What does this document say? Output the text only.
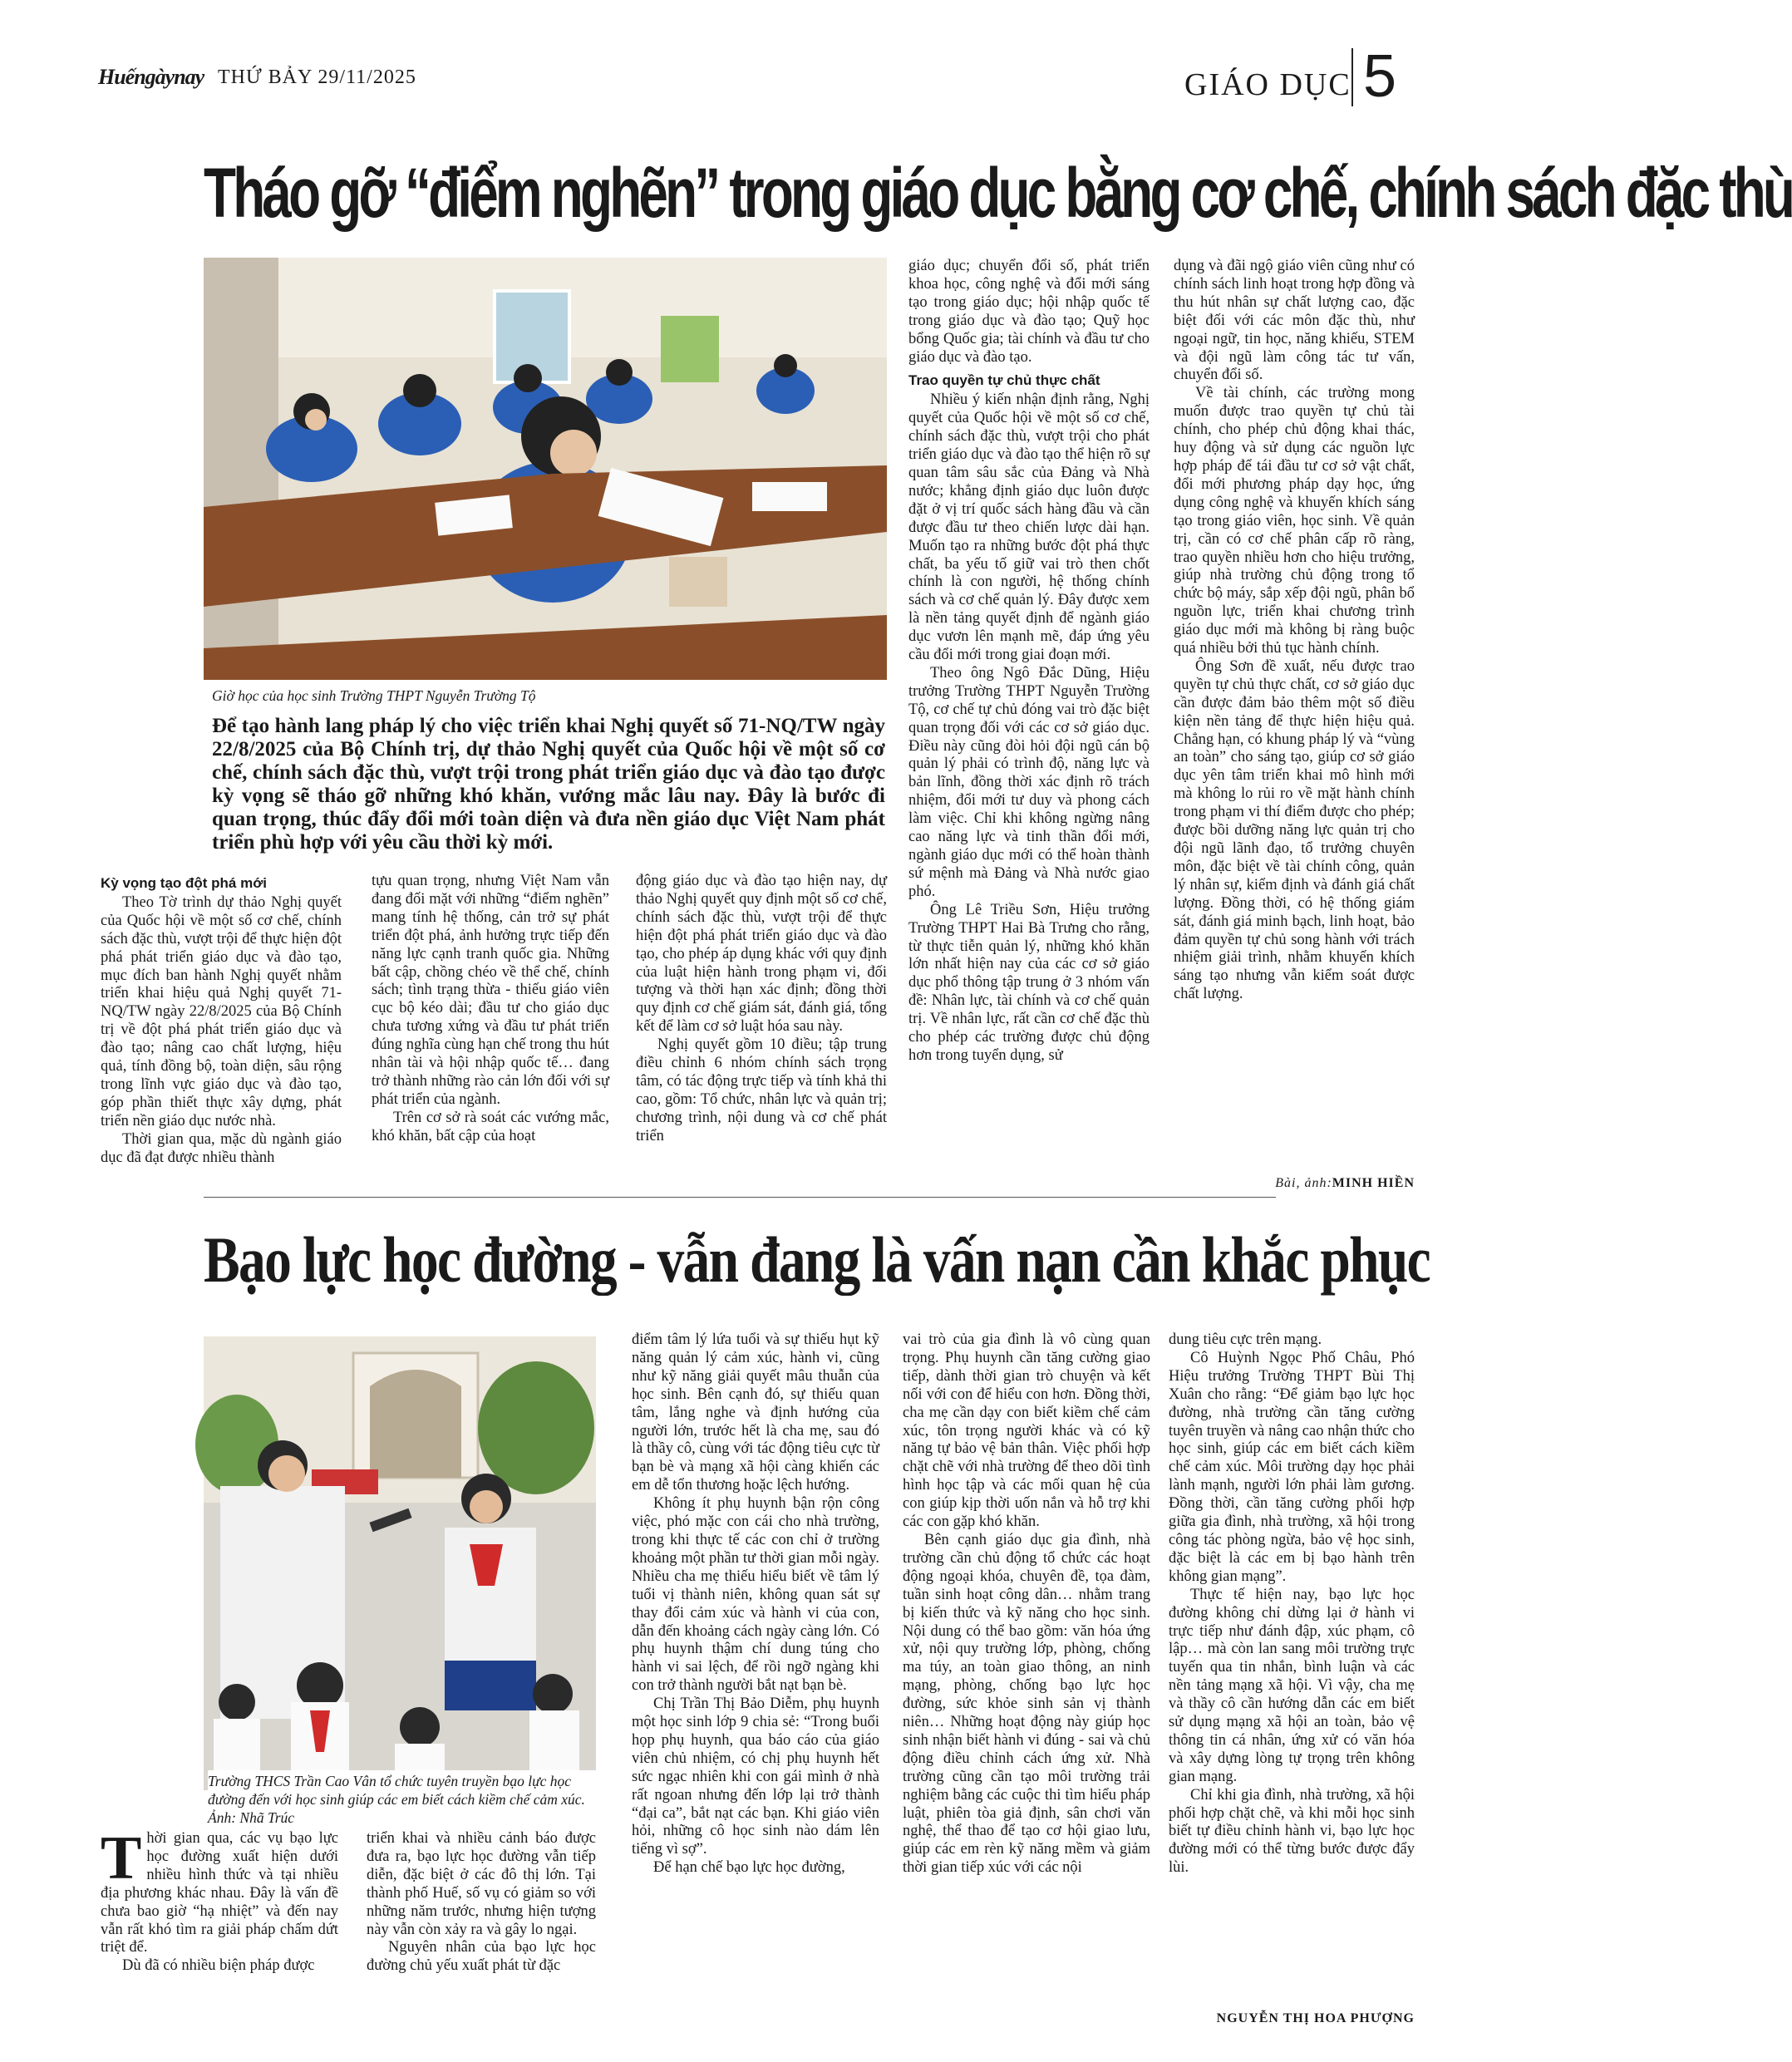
Huếngàynay THỨ BẢY 29/11/2025	GIÁO DỤC 5
Tháo gỡ “điểm nghẽn” trong giáo dục bằng cơ chế, chính sách đặc thù
Giờ học của học sinh Trường THPT Nguyễn Trường Tộ
Để tạo hành lang pháp lý cho việc triển khai Nghị quyết số 71-NQ/TW ngày 22/8/2025 của Bộ Chính trị, dự thảo Nghị quyết của Quốc hội về một số cơ chế, chính sách đặc thù, vượt trội trong phát triển giáo dục và đào tạo được kỳ vọng sẽ tháo gỡ những khó khăn, vướng mắc lâu nay. Đây là bước đi quan trọng, thúc đẩy đổi mới toàn diện và đưa nền giáo dục Việt Nam phát triển phù hợp với yêu cầu thời kỳ mới.
Kỳ vọng tạo đột phá mới

Theo Tờ trình dự thảo Nghị quyết của Quốc hội về một số cơ chế, chính sách đặc thù, vượt trội để thực hiện đột phá phát triển giáo dục và đào tạo, mục đích ban hành Nghị quyết nhằm triển khai hiệu quả Nghị quyết 71-NQ/TW ngày 22/8/2025 của Bộ Chính trị về đột phá phát triển giáo dục và đào tạo; nâng cao chất lượng, hiệu quả, tính đồng bộ, toàn diện, sâu rộng trong lĩnh vực giáo dục và đào tạo, góp phần thiết thực xây dựng, phát triển nền giáo dục nước nhà.

Thời gian qua, mặc dù ngành giáo dục đã đạt được nhiều thành

tựu quan trọng, nhưng Việt Nam vẫn đang đối mặt với những “điểm nghẽn” mang tính hệ thống, cản trở sự phát triển đột phá, ảnh hưởng trực tiếp đến năng lực cạnh tranh quốc gia. Những bất cập, chồng chéo về thể chế, chính sách; tình trạng thừa - thiếu giáo viên cục bộ kéo dài; đầu tư cho giáo dục chưa tương xứng và đầu tư phát triển đúng nghĩa cùng hạn chế trong thu hút nhân tài và hội nhập quốc tế… đang trở thành những rào cản lớn đối với sự phát triển của ngành.

Trên cơ sở rà soát các vướng mắc, khó khăn, bất cập của hoạt

động giáo dục và đào tạo hiện nay, dự thảo Nghị quyết quy định một số cơ chế, chính sách đặc thù, vượt trội để thực hiện đột phá phát triển giáo dục và đào tạo, cho phép áp dụng khác với quy định của luật hiện hành trong phạm vi, đối tượng và thời hạn xác định; đồng thời quy định cơ chế giám sát, đánh giá, tổng kết để làm cơ sở luật hóa sau này.

Nghị quyết gồm 10 điều; tập trung điều chỉnh 6 nhóm chính sách trọng tâm, có tác động trực tiếp và tính khả thi cao, gồm: Tổ chức, nhân lực và quản trị; chương trình, nội dung và cơ chế phát triển

giáo dục; chuyển đổi số, phát triển khoa học, công nghệ và đổi mới sáng tạo trong giáo dục; hội nhập quốc tế trong giáo dục và đào tạo; Quỹ học bổng Quốc gia; tài chính và đầu tư cho giáo dục và đào tạo.

Trao quyền tự chủ thực chất

Nhiều ý kiến nhận định rằng, Nghị quyết của Quốc hội về một số cơ chế, chính sách đặc thù, vượt trội cho phát triển giáo dục và đào tạo thể hiện rõ sự quan tâm sâu sắc của Đảng và Nhà nước; khẳng định giáo dục luôn được đặt ở vị trí quốc sách hàng đầu và cần được đầu tư theo chiến lược dài hạn. Muốn tạo ra những bước đột phá thực chất, ba yếu tố giữ vai trò then chốt chính là con người, hệ thống chính sách và cơ chế quản lý. Đây được xem là nền tảng quyết định để ngành giáo dục vươn lên mạnh mẽ, đáp ứng yêu cầu đổi mới trong giai đoạn mới.

Theo ông Ngô Đắc Dũng, Hiệu trưởng Trường THPT Nguyễn Trường Tộ, cơ chế tự chủ đóng vai trò đặc biệt quan trọng đối với các cơ sở giáo dục. Điều này cũng đòi hỏi đội ngũ cán bộ quản lý phải có trình độ, năng lực và bản lĩnh, đồng thời xác định rõ trách nhiệm, đổi mới tư duy và phong cách làm việc. Chỉ khi không ngừng nâng cao năng lực và tinh thần đổi mới, ngành giáo dục mới có thể hoàn thành sứ mệnh mà Đảng và Nhà nước giao phó.

Ông Lê Triều Sơn, Hiệu trưởng Trường THPT Hai Bà Trưng cho rằng, từ thực tiễn quản lý, những khó khăn lớn nhất hiện nay của các cơ sở giáo dục phổ thông tập trung ở 3 nhóm vấn đề: Nhân lực, tài chính và cơ chế quản trị. Về nhân lực, rất cần cơ chế đặc thù cho phép các trường được chủ động hơn trong tuyển dụng, sử

dụng và đãi ngộ giáo viên cũng như có chính sách linh hoạt trong hợp đồng và thu hút nhân sự chất lượng cao, đặc biệt đối với các môn đặc thù, như ngoại ngữ, tin học, năng khiếu, STEM và đội ngũ làm công tác tư vấn, chuyển đổi số.

Về tài chính, các trường mong muốn được trao quyền tự chủ tài chính, cho phép chủ động khai thác, huy động và sử dụng các nguồn lực hợp pháp để tái đầu tư cơ sở vật chất, đổi mới phương pháp dạy học, ứng dụng công nghệ và khuyến khích sáng tạo trong giáo viên, học sinh. Về quản trị, cần có cơ chế phân cấp rõ ràng, trao quyền nhiều hơn cho hiệu trưởng, giúp nhà trường chủ động trong tổ chức bộ máy, sắp xếp đội ngũ, phân bổ nguồn lực, triển khai chương trình giáo dục mới mà không bị ràng buộc quá nhiều bởi thủ tục hành chính.

Ông Sơn đề xuất, nếu được trao quyền tự chủ thực chất, cơ sở giáo dục cần được đảm bảo thêm một số điều kiện nền tảng để thực hiện hiệu quả. Chẳng hạn, có khung pháp lý và “vùng an toàn” cho sáng tạo, giúp cơ sở giáo dục yên tâm triển khai mô hình mới mà không lo rủi ro về mặt hành chính trong phạm vi thí điểm được cho phép; được bồi dưỡng năng lực quản trị cho đội ngũ lãnh đạo, tổ trưởng chuyên môn, đặc biệt về tài chính công, quản lý nhân sự, kiểm định và đánh giá chất lượng. Đồng thời, có hệ thống giám sát, đánh giá minh bạch, linh hoạt, bảo đảm quyền tự chủ song hành với trách nhiệm giải trình, nhằm khuyến khích sáng tạo nhưng vẫn kiểm soát được chất lượng.

Bài, ảnh:MINH HIỀN
Bạo lực học đường - vẫn đang là vấn nạn cần khắc phục
Trường THCS Trần Cao Vân tổ chức tuyên truyền bạo lực học đường đến với học sinh giúp các em biết cách kiềm chế cảm xúc. Ảnh: Nhã Trúc

Thời gian qua, các vụ bạo lực học đường xuất hiện dưới nhiều hình thức và tại nhiều địa phương khác nhau. Đây là vấn đề chưa bao giờ “hạ nhiệt” và đến nay vẫn rất khó tìm ra giải pháp chấm dứt triệt để.

Dù đã có nhiều biện pháp được

triển khai và nhiều cảnh báo được đưa ra, bạo lực học đường vẫn tiếp diễn, đặc biệt ở các đô thị lớn. Tại thành phố Huế, số vụ có giảm so với những năm trước, nhưng hiện tượng này vẫn còn xảy ra và gây lo ngại.

Nguyên nhân của bạo lực học đường chủ yếu xuất phát từ đặc

điểm tâm lý lứa tuổi và sự thiếu hụt kỹ năng quản lý cảm xúc, hành vi, cũng như kỹ năng giải quyết mâu thuẫn của học sinh. Bên cạnh đó, sự thiếu quan tâm, lắng nghe và định hướng của người lớn, trước hết là cha mẹ, sau đó là thầy cô, cùng với tác động tiêu cực từ bạn bè và mạng xã hội càng khiến các em dễ tổn thương hoặc lệch hướng.

Không ít phụ huynh bận rộn công việc, phó mặc con cái cho nhà trường, trong khi thực tế các con chỉ ở trường khoảng một phần tư thời gian mỗi ngày. Nhiều cha mẹ thiếu hiểu biết về tâm lý tuổi vị thành niên, không quan sát sự thay đổi cảm xúc và hành vi của con, dẫn đến khoảng cách ngày càng lớn. Có phụ huynh thậm chí dung túng cho hành vi sai lệch, để rồi ngỡ ngàng khi con trở thành người bắt nạt bạn bè.

Chị Trần Thị Bảo Diễm, phụ huynh một học sinh lớp 9 chia sẻ: “Trong buổi họp phụ huynh, qua báo cáo của giáo viên chủ nhiệm, có chị phụ huynh hết sức ngạc nhiên khi con gái mình ở nhà rất ngoan nhưng đến lớp lại trở thành “đại ca”, bắt nạt các bạn. Khi giáo viên hỏi, những cô học sinh nào dám lên tiếng vì sợ”.

Để hạn chế bạo lực học đường,

vai trò của gia đình là vô cùng quan trọng. Phụ huynh cần tăng cường giao tiếp, dành thời gian trò chuyện và kết nối với con để hiểu con hơn. Đồng thời, cha mẹ cần dạy con biết kiềm chế cảm xúc, tôn trọng người khác và có kỹ năng tự bảo vệ bản thân. Việc phối hợp chặt chẽ với nhà trường để theo dõi tình hình học tập và các mối quan hệ của con giúp kịp thời uốn nắn và hỗ trợ khi các con gặp khó khăn.

Bên cạnh giáo dục gia đình, nhà trường cần chủ động tổ chức các hoạt động ngoại khóa, chuyên đề, tọa đàm, tuần sinh hoạt công dân… nhằm trang bị kiến thức và kỹ năng cho học sinh. Nội dung có thể bao gồm: văn hóa ứng xử, nội quy trường lớp, phòng, chống ma túy, an toàn giao thông, an ninh mạng, phòng, chống bạo lực học đường, sức khỏe sinh sản vị thành niên… Những hoạt động này giúp học sinh nhận biết hành vi đúng - sai và chủ động điều chỉnh cách ứng xử. Nhà trường cũng cần tạo môi trường trải nghiệm bằng các cuộc thi tìm hiểu pháp luật, phiên tòa giả định, sân chơi văn nghệ, thể thao để tạo cơ hội giao lưu, giúp các em rèn kỹ năng mềm và giảm thời gian tiếp xúc với các nội

dung tiêu cực trên mạng.

Cô Huỳnh Ngọc Phố Châu, Phó Hiệu trưởng Trường THPT Bùi Thị Xuân cho rằng: “Để giảm bạo lực học đường, nhà trường cần tăng cường tuyên truyền và nâng cao nhận thức cho học sinh, giúp các em biết cách kiềm chế cảm xúc. Môi trường dạy học phải lành mạnh, người lớn phải làm gương. Đồng thời, cần tăng cường phối hợp giữa gia đình, nhà trường, xã hội trong công tác phòng ngừa, bảo vệ học sinh, đặc biệt là các em bị bạo hành trên không gian mạng”.

Thực tế hiện nay, bạo lực học đường không chỉ dừng lại ở hành vi trực tiếp như đánh đập, xúc phạm, cô lập… mà còn lan sang môi trường trực tuyến qua tin nhắn, bình luận và các nền tảng mạng xã hội. Vì vậy, cha mẹ và thầy cô cần hướng dẫn các em biết sử dụng mạng xã hội an toàn, bảo vệ thông tin cá nhân, ứng xử có văn hóa và xây dựng lòng tự trọng trên không gian mạng.

Chỉ khi gia đình, nhà trường, xã hội phối hợp chặt chẽ, và khi mỗi học sinh biết tự điều chỉnh hành vi, bạo lực học đường mới có thể từng bước được đẩy lùi.

NGUYỄN THỊ HOA PHƯỢNG
